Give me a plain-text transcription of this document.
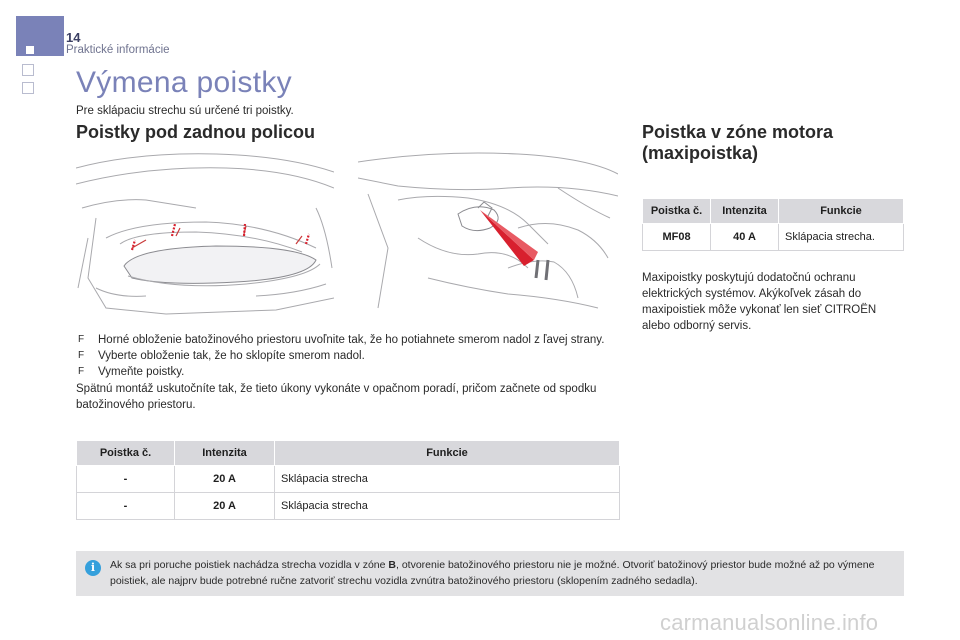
14
Praktické informácie
Výmena poistky

Pre sklápaciu strechu sú určené tri poistky.

Poistky pod zadnou policou	Poistka v zóne motora (maxipoistka)
F Horné obloženie batožinového priestoru uvoľnite tak, že ho potiahnete smerom nadol z ľavej strany.
F Vyberte obloženie tak, že ho sklopíte smerom nadol.
F Vymeňte poistky.

Spätnú montáž uskutočníte tak, že tieto úkony vykonáte v opačnom poradí, pričom začnete od spodku batožinového priestoru.

Poistka č.	Intenzita	Funkcie
-	20 A	Sklápacia strecha
-	20 A	Sklápacia strecha
Poistka č.	Intenzita	Funkcie
MF08	40 A	Sklápacia strecha.

Maxipoistky poskytujú dodatočnú ochranu elektrických systémov. Akýkoľvek zásah do maxipoistiek môže vykonať len sieť CITROËN alebo odborný servis.

i	Ak sa pri poruche poistiek nachádza strecha vozidla v zóne B, otvorenie batožinového priestoru nie je možné. Otvoriť batožinový priestor bude možné až po výmene poistiek, ale najprv bude potrebné ručne zatvoriť strechu vozidla zvnútra batožinového priestoru (sklopením zadného sedadla).

carmanualsonline.info
